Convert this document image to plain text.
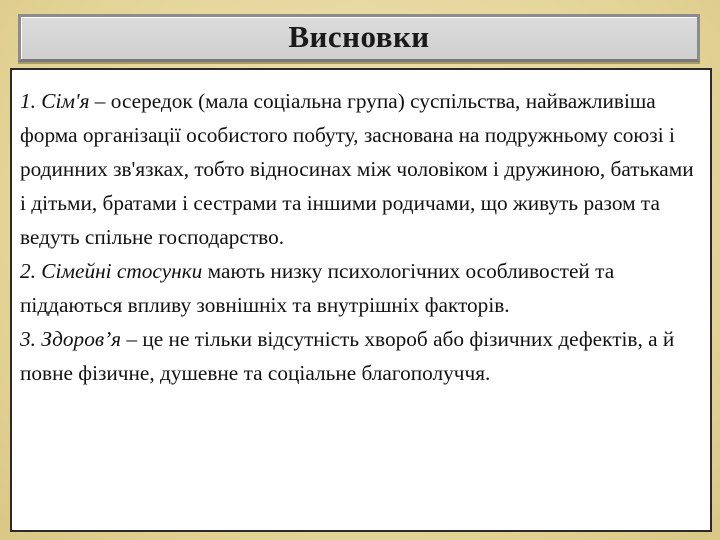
Висновки

1. Сім'я – осередок (мала соціальна група) суспільства, найважливіша форма організації особистого побуту, заснована на подружньому союзі і родинних зв'язках, тобто відносинах між чоловіком і дружиною, батьками і дітьми, братами і сестрами та іншими родичами, що живуть разом та ведуть спільне господарство.

2. Сімейні стосунки мають низку психологічних особливостей та піддаються впливу зовнішніх та внутрішніх факторів.

3. Здоров’я – це не тільки відсутність хвороб або фізичних дефектів, а й повне фізичне, душевне та соціальне благополуччя.
